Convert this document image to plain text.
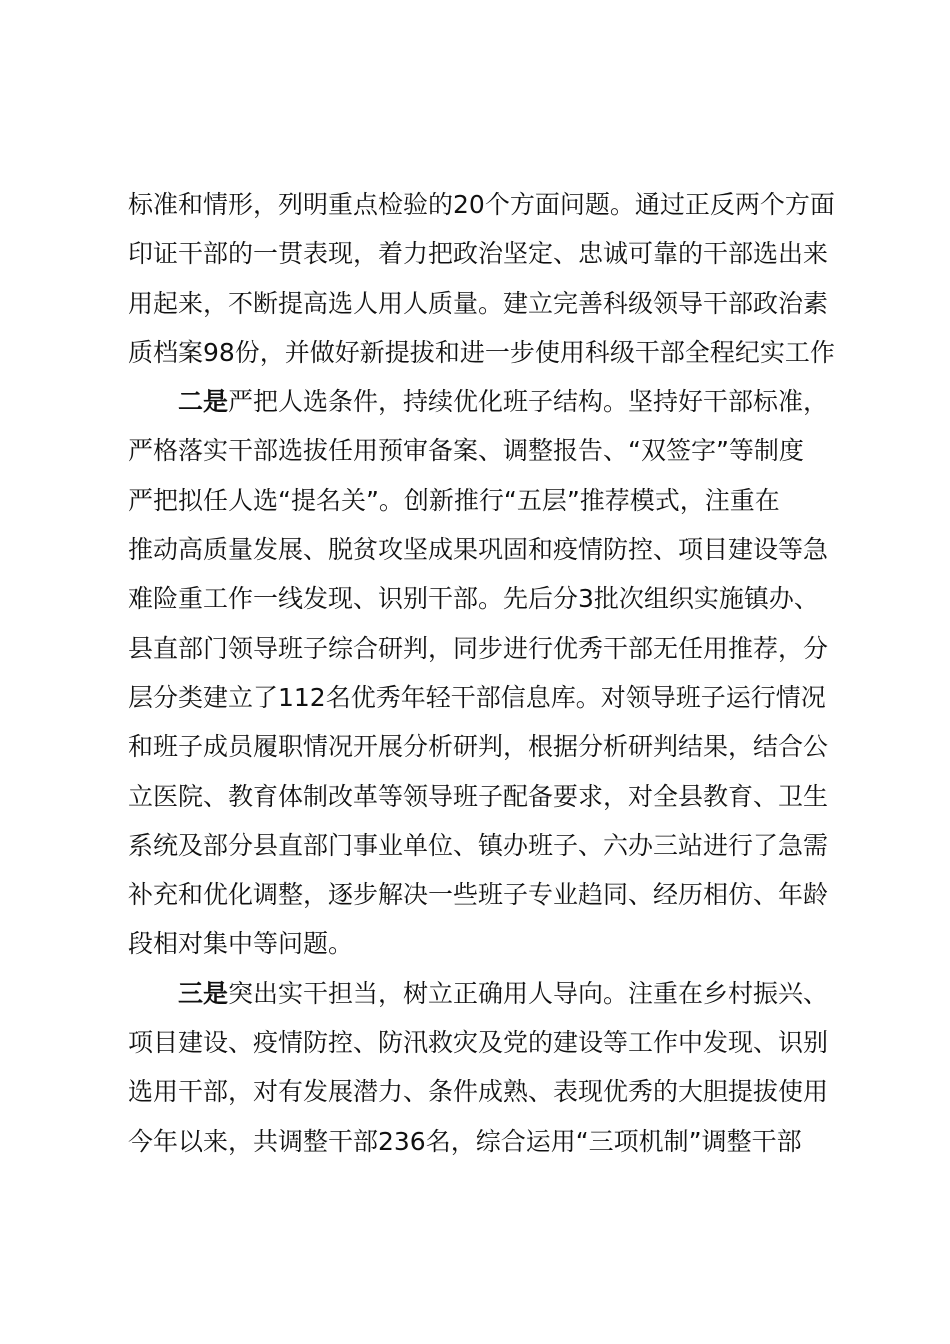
标准和情形，列明重点检验的20个方面问题。通过正反两个方面
印证干部的一贯表现，着力把政治坚定、忠诚可靠的干部选出来
用起来，不断提高选人用人质量。建立完善科级领导干部政治素
质档案98份，并做好新提拔和进一步使用科级干部全程纪实工作
二是严把人选条件，持续优化班子结构。坚持好干部标准，
严格落实干部选拔任用预审备案、调整报告、“双签字”等制度
严把拟任人选“提名关”。创新推行“五层”推荐模式，注重在
推动高质量发展、脱贫攻坚成果巩固和疫情防控、项目建设等急
难险重工作一线发现、识别干部。先后分3批次组织实施镇办、
县直部门领导班子综合研判，同步进行优秀干部无任用推荐，分
层分类建立了112名优秀年轻干部信息库。对领导班子运行情况
和班子成员履职情况开展分析研判，根据分析研判结果，结合公
立医院、教育体制改革等领导班子配备要求，对全县教育、卫生
系统及部分县直部门事业单位、镇办班子、六办三站进行了急需
补充和优化调整，逐步解决一些班子专业趋同、经历相仿、年龄
段相对集中等问题。
三是突出实干担当，树立正确用人导向。注重在乡村振兴、
项目建设、疫情防控、防汛救灾及党的建设等工作中发现、识别
选用干部，对有发展潜力、条件成熟、表现优秀的大胆提拔使用
今年以来，共调整干部236名，综合运用“三项机制”调整干部
